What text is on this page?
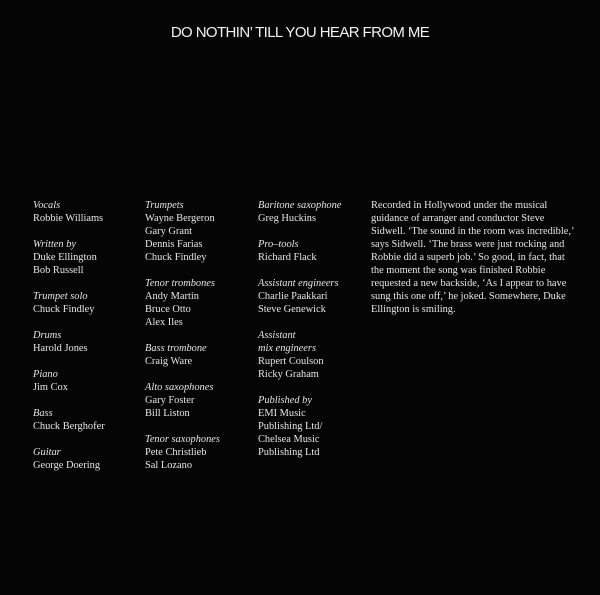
DO NOTHIN’ TILL YOU HEAR FROM ME
Vocals
Robbie Williams
Written by
Duke Ellington
Bob Russell
Trumpet solo
Chuck Findley
Drums
Harold Jones
Piano
Jim Cox
Bass
Chuck Berghofer
Guitar
George Doering
Trumpets
Wayne Bergeron
Gary Grant
Dennis Farias
Chuck Findley
Tenor trombones
Andy Martin
Bruce Otto
Alex Iles
Bass trombone
Craig Ware
Alto saxophones
Gary Foster
Bill Liston
Tenor saxophones
Pete Christlieb
Sal Lozano
Baritone saxophone
Greg Huckins
Pro–tools
Richard Flack
Assistant engineers
Charlie Paakkari
Steve Genewick
Assistant
mix engineers
Rupert Coulson
Ricky Graham
Published by
EMI Music
Publishing Ltd/
Chelsea Music
Publishing Ltd

Recorded in Hollywood under the musical
guidance of arranger and conductor Steve
Sidwell. ‘The sound in the room was incredible,’
says Sidwell. ‘The brass were just rocking and
Robbie did a superb job.’ So good, in fact, that
the moment the song was finished Robbie
requested a new backside, ‘As I appear to have
sung this one off,’ he joked. Somewhere, Duke
Ellington is smiling.
